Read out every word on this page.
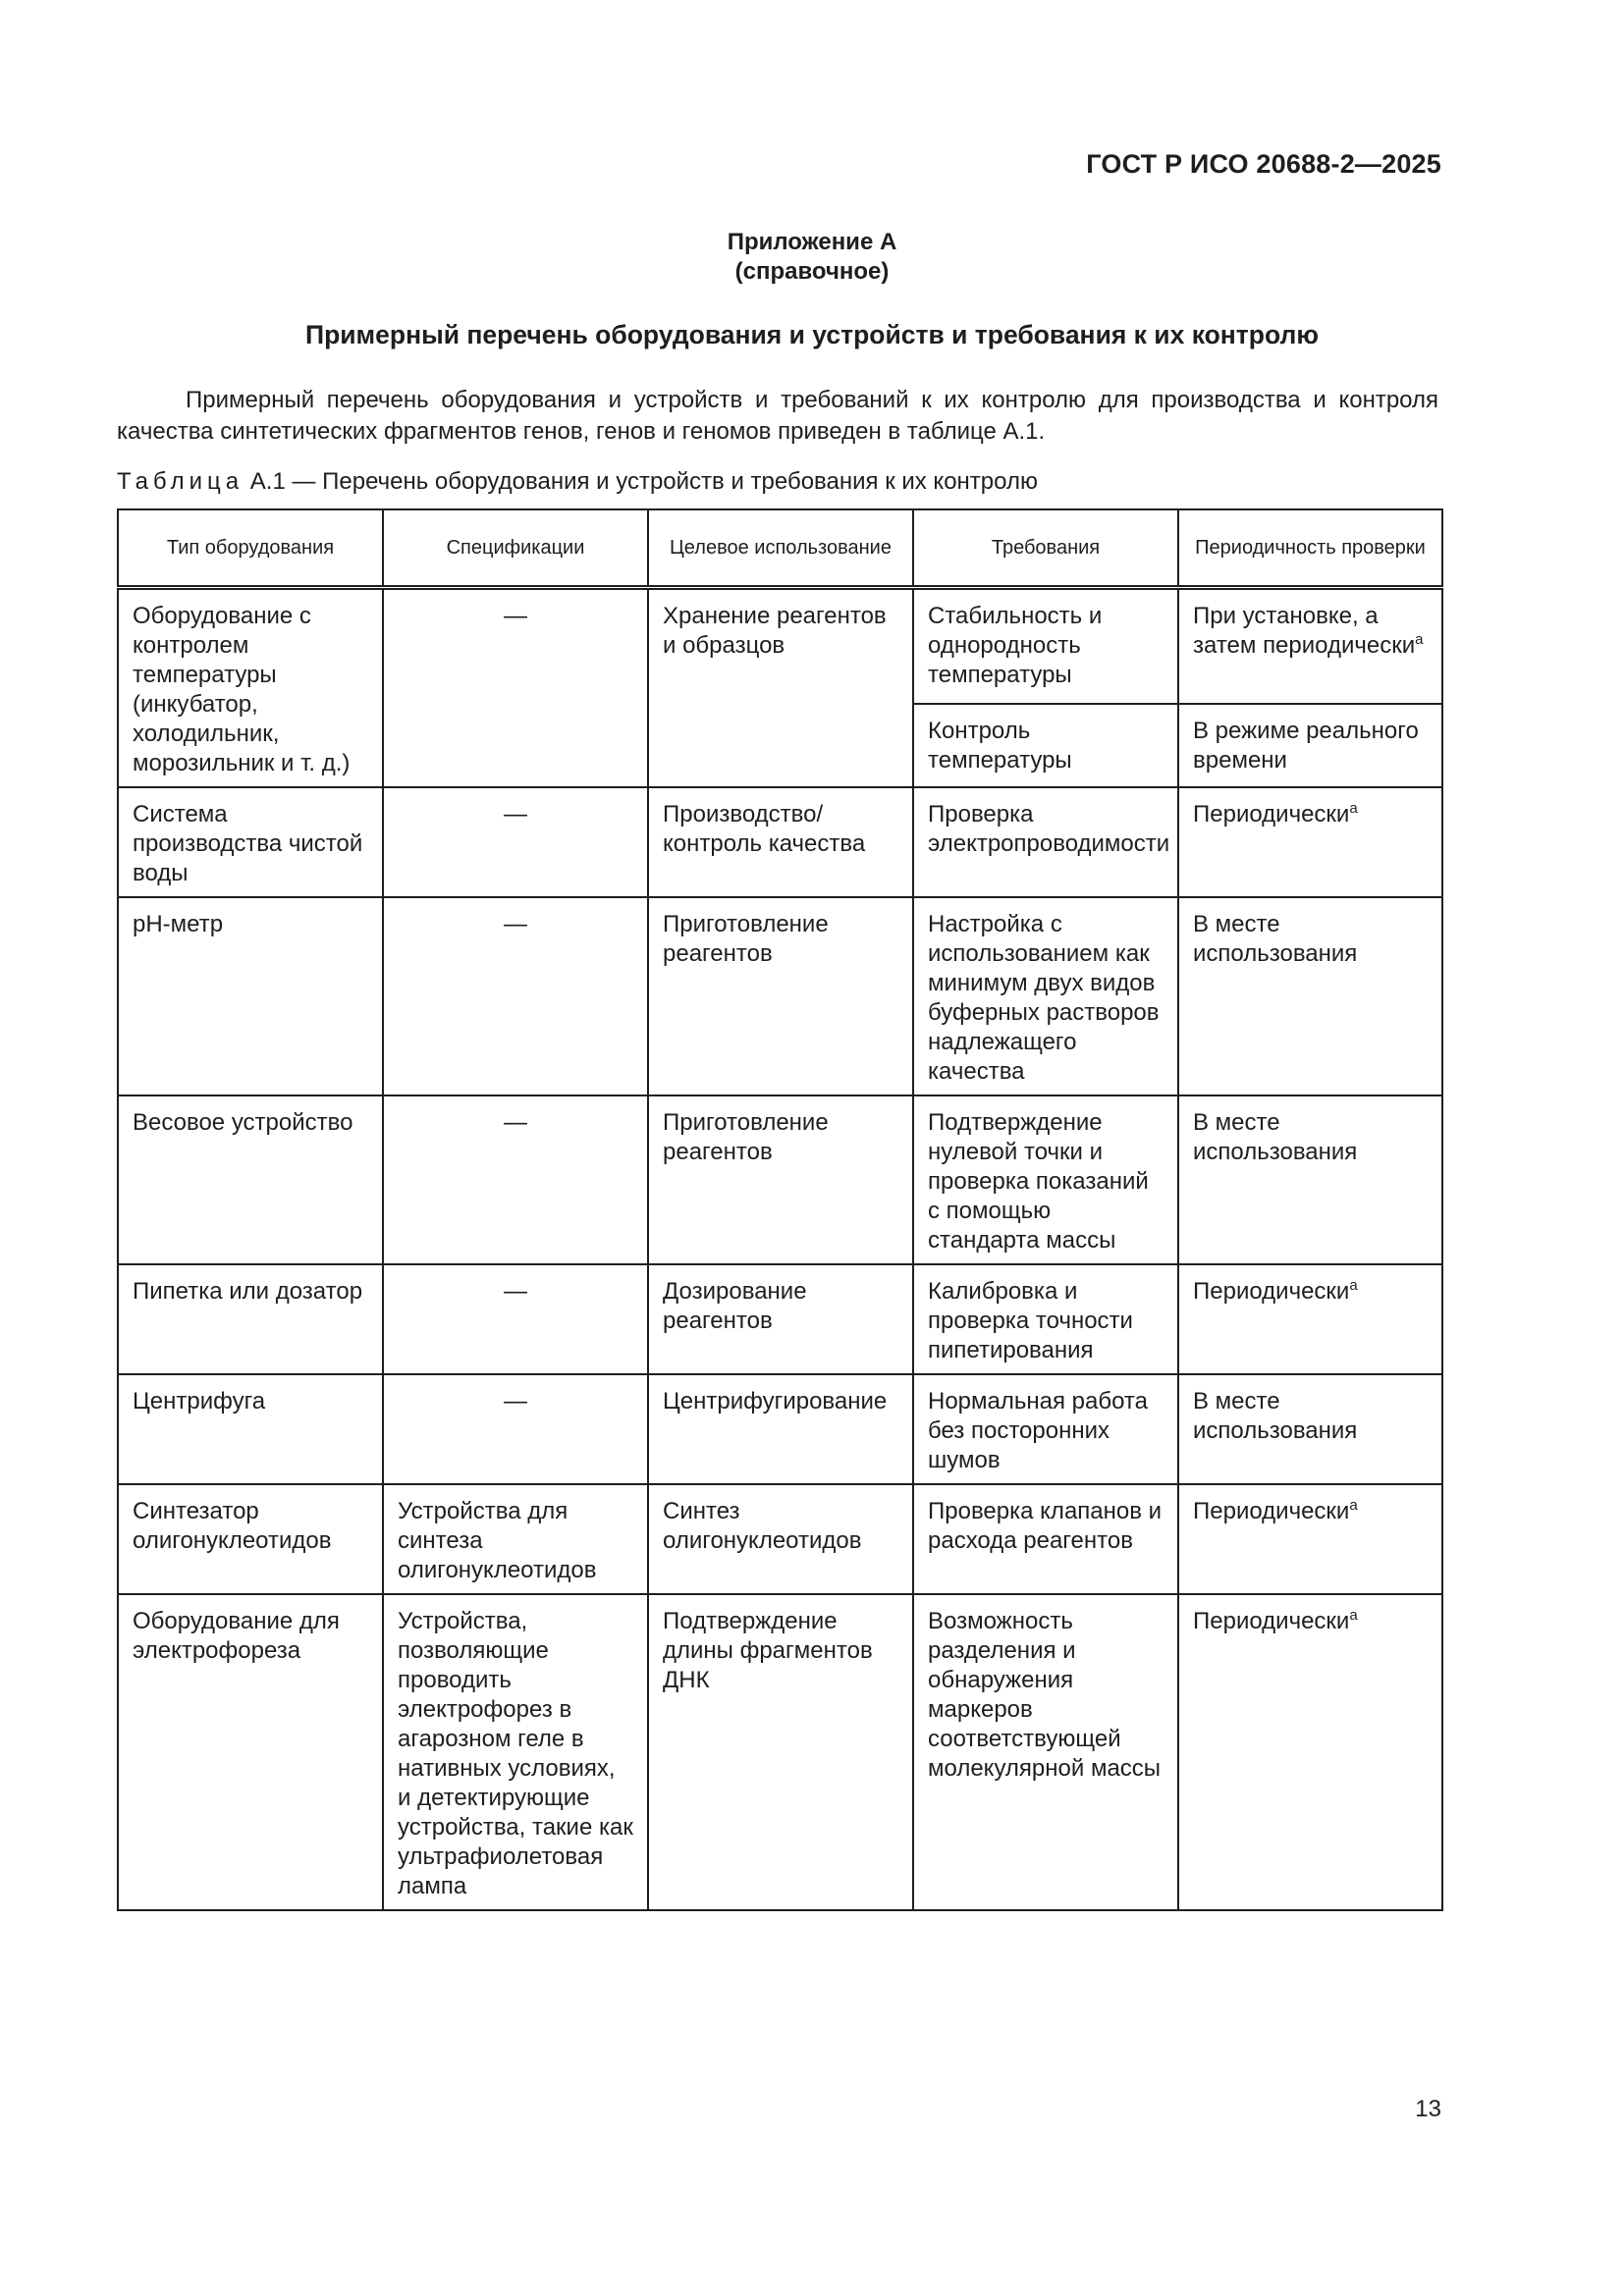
ГОСТ Р ИСО 20688-2—2025
Приложение А
(справочное)
Примерный перечень оборудования и устройств и требования к их контролю
Примерный перечень оборудования и устройств и требований к их контролю для производства и контроля
качества синтетических фрагментов генов, генов и геномов приведен в таблице А.1.
Таблица А.1 — Перечень оборудования и устройств и требования к их контролю
Тип оборудования	Спецификации	Целевое использование	Требования	Периодичность проверки
Оборудование с контролем температуры (инкубатор, холодильник, морозильник и т. д.)	—	Хранение реагентов и образцов	Стабильность и однородность температуры	При установке, а затем периодически$^a$
			Контроль температуры	В режиме реального времени
Система производства чистой воды	—	Производство/ контроль качества	Проверка электропроводимости	Периодически$^a$
pH-метр	—	Приготовление реагентов	Настройка с использованием как минимум двух видов буферных растворов надлежащего качества	В месте использования
Весовое устройство	—	Приготовление реагентов	Подтверждение нулевой точки и проверка показаний с помощью стандарта массы	В месте использования
Пипетка или дозатор	—	Дозирование реагентов	Калибровка и проверка точности пипетирования	Периодически$^a$
Центрифуга	—	Центрифугирование	Нормальная работа без посторонних шумов	В месте использования
Синтезатор олигонуклеотидов	Устройства для синтеза олигонуклеотидов	Синтез олигонуклеотидов	Проверка клапанов и расхода реагентов	Периодически$^a$
Оборудование для электрофореза	Устройства, позволяющие проводить электрофорез в агарозном геле в нативных условиях, и детектирующие устройства, такие как ультрафиолетовая лампа	Подтверждение длины фрагментов ДНК	Возможность разделения и обнаружения маркеров соответствующей молекулярной массы	Периодически$^a$
13
